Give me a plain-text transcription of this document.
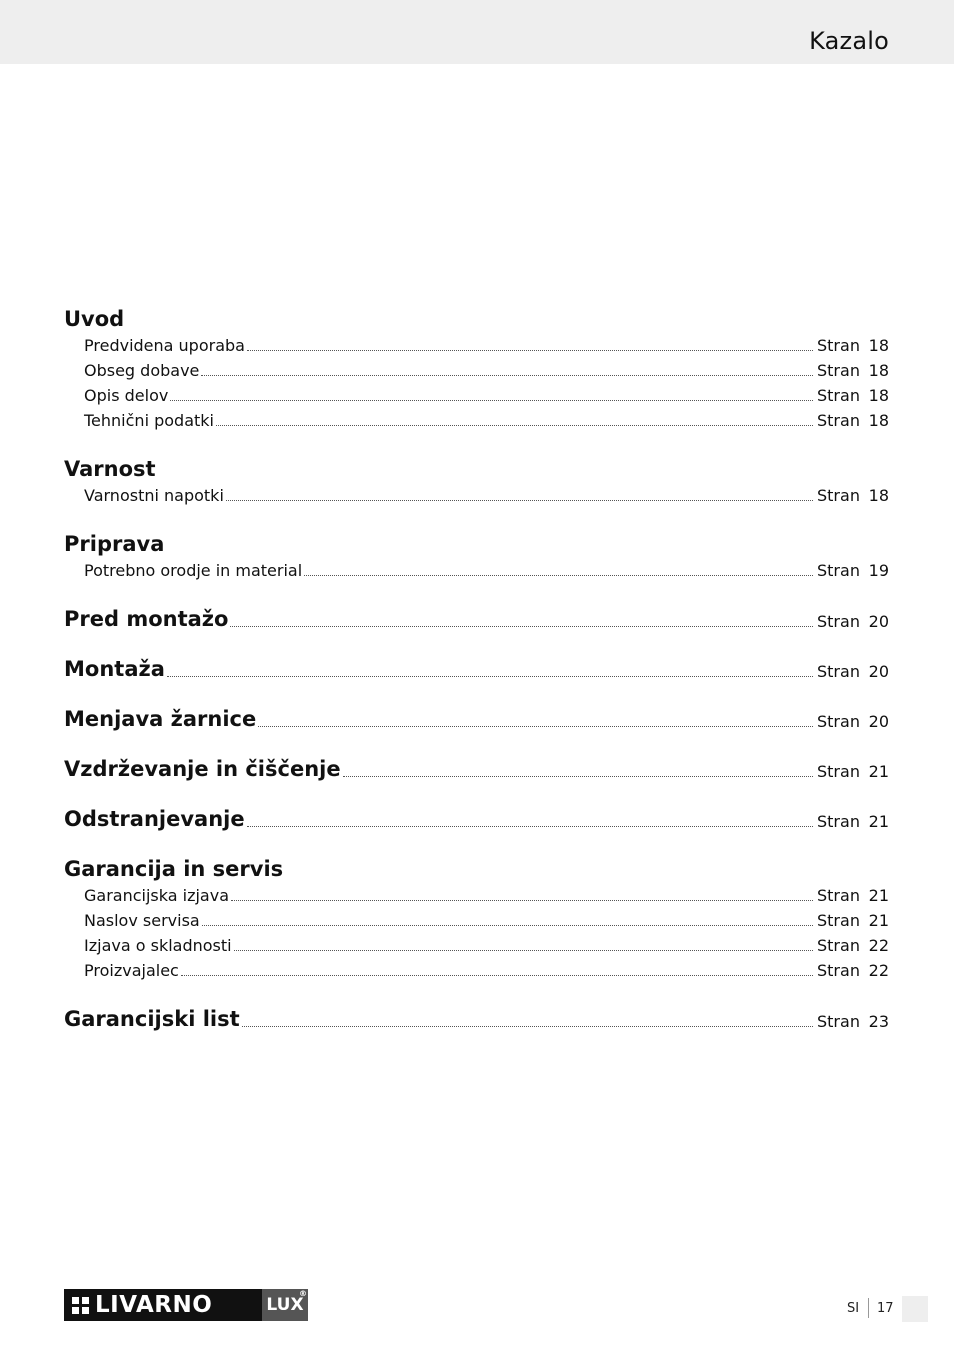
Kazalo
Uvod
Predvidena uporaba	Stran 18
Obseg dobave	Stran 18
Opis delov	Stran 18
Tehnični podatki	Stran 18
Varnost
Varnostni napotki	Stran 18
Priprava
Potrebno orodje in material	Stran 19
Pred montažo	Stran 20
Montaža	Stran 20
Menjava žarnice	Stran 20
Vzdrževanje in čiščenje	Stran 21
Odstranjevanje	Stran 21
Garancija in servis
Garancijska izjava	Stran 21
Naslov servisa	Stran 21
Izjava o skladnosti	Stran 22
Proizvajalec	Stran 22
Garancijski list	Stran 23
LIVARNO	LUX
®
SI 17
